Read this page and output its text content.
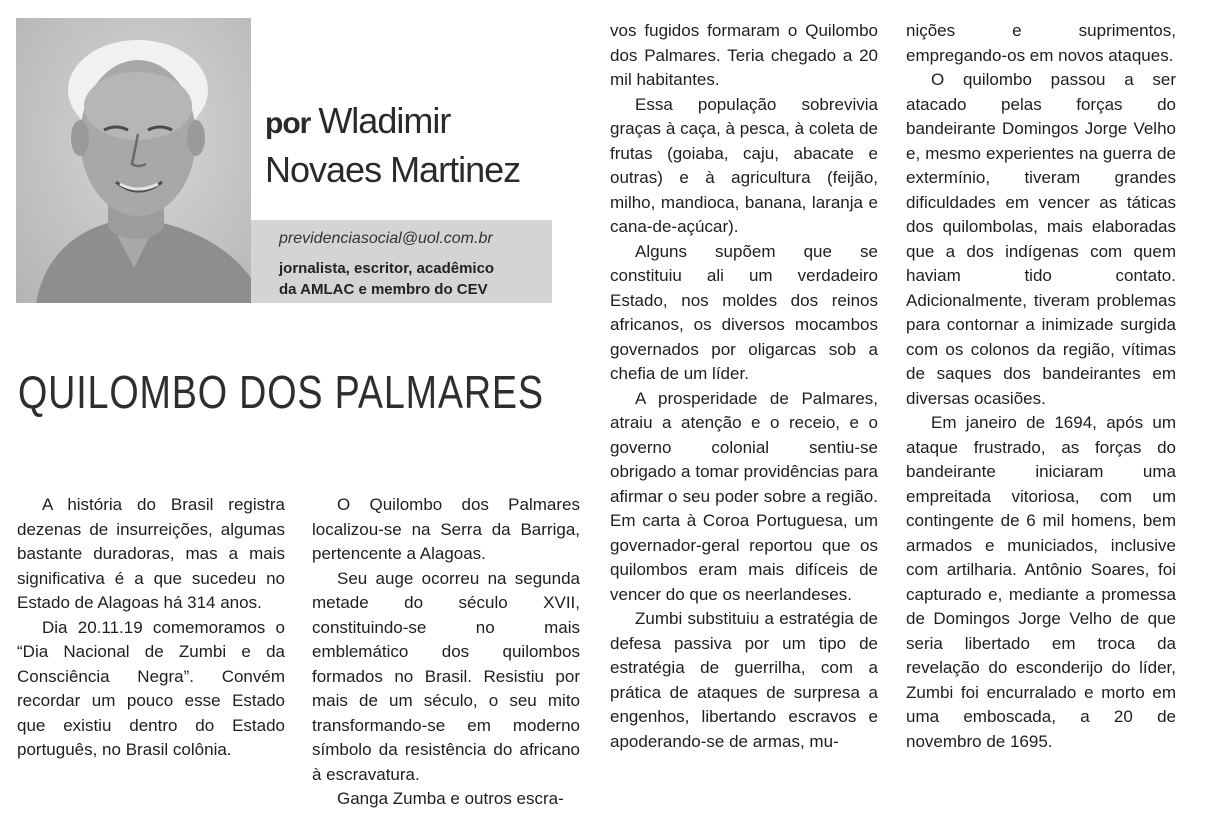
por Wladimir
Novaes Martinez
previdenciasocial@uol.com.br
jornalista, escritor, acadêmico
da AMLAC e membro do CEV
QUILOMBO DOS PALMARES

A história do Brasil registra dezenas de insurreições, algumas bastante duradoras, mas a mais significativa é a que sucedeu no Estado de Alagoas há 314 anos.

Dia 20.11.19 comemoramos o “Dia Nacional de Zumbi e da Consciência Negra”. Convém recordar um pouco esse Estado que existiu dentro do Estado português, no Brasil colônia.

O Quilombo dos Palmares localizou-se na Serra da Barriga, pertencente a Alagoas.

Seu auge ocorreu na segunda metade do século XVII, constituindo-se no mais emblemático dos quilombos formados no Brasil. Resistiu por mais de um século, o seu mito transformando-se em moderno símbolo da resistência do africano à escravatura.

Ganga Zumba e outros escra-

vos fugidos formaram o Quilombo dos Palmares. Teria chegado a 20 mil habitantes.

Essa população sobrevivia graças à caça, à pesca, à coleta de frutas (goiaba, caju, abacate e outras) e à agricultura (feijão, milho, mandioca, banana, laranja e cana-de-açúcar).

Alguns supõem que se constituiu ali um verdadeiro Estado, nos moldes dos reinos africanos, os diversos mocambos governados por oligarcas sob a chefia de um líder.

A prosperidade de Palmares, atraiu a atenção e o receio, e o governo colonial sentiu-se obrigado a tomar providências para afirmar o seu poder sobre a região. Em carta à Coroa Portuguesa, um governador-geral reportou que os quilombos eram mais difíceis de vencer do que os neerlandeses.

Zumbi substituiu a estratégia de defesa passiva por um tipo de estratégia de guerrilha, com a prática de ataques de surpresa a engenhos, libertando escravos e apoderando-se de armas, mu-

nições e suprimentos, empregando-os em novos ataques.

O quilombo passou a ser atacado pelas forças do bandeirante Domingos Jorge Velho e, mesmo experientes na guerra de extermínio, tiveram grandes dificuldades em vencer as táticas dos quilombolas, mais elaboradas que a dos indígenas com quem haviam tido contato. Adicionalmente, tiveram problemas para contornar a inimizade surgida com os colonos da região, vítimas de saques dos bandeirantes em diversas ocasiões.

Em janeiro de 1694, após um ataque frustrado, as forças do bandeirante iniciaram uma empreitada vitoriosa, com um contingente de 6 mil homens, bem armados e municiados, inclusive com artilharia. Antônio Soares, foi capturado e, mediante a promessa de Domingos Jorge Velho de que seria libertado em troca da revelação do esconderijo do líder, Zumbi foi encurralado e morto em uma emboscada, a 20 de novembro de 1695.
